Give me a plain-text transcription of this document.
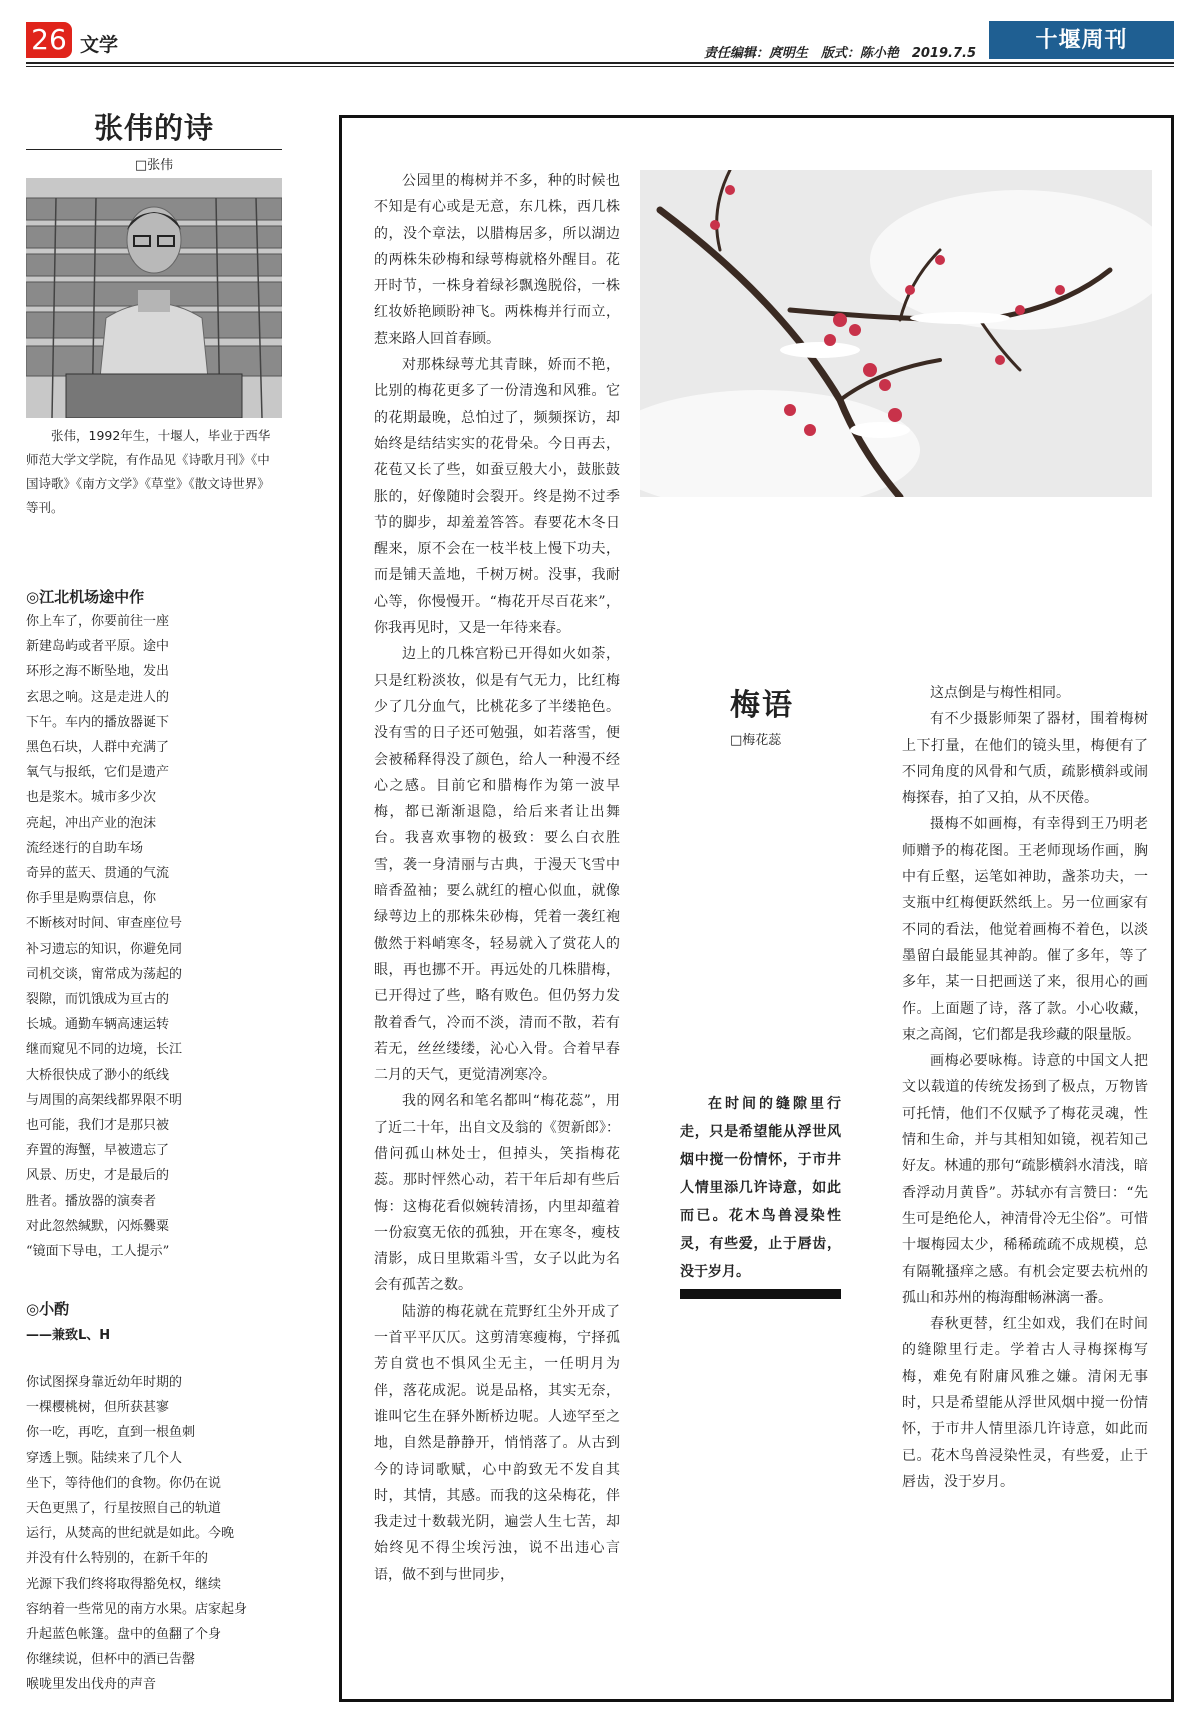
26 文学	责任编辑：庹明生　版式：陈小艳　2019.7.5
十堰周刊
张伟的诗
□张伟
张伟，1992年生，十堰人，毕业于西华师范大学文学院，有作品见《诗歌月刊》《中国诗歌》《南方文学》《草堂》《散文诗世界》等刊。
◎江北机场途中作
你上车了，你要前往一座
新建岛屿或者平原。途中
环形之海不断坠地，发出
玄思之响。这是走进人的
下午。车内的播放器诞下
黑色石块，人群中充满了
氧气与报纸，它们是遗产
也是浆木。城市多少次
亮起，冲出产业的泡沫
流经迷行的自助车场
奇异的蓝天、贯通的气流
你手里是购票信息，你
不断核对时间、审查座位号
补习遗忘的知识，你避免同
司机交谈，甯常成为荡起的
裂隙，而饥饿成为亘古的
长城。通勤车辆高速运转
继而窥见不同的边境，长江
大桥很快成了渺小的纸线
与周围的高架线都界限不明
也可能，我们才是那只被
弃置的海蟹，早被遗忘了
风景、历史，才是最后的
胜者。播放器的演奏者
对此忽然缄默，闪烁爨粟
“镜面下导电，工人提示”
◎小酌
——兼致L、H
你试图探身靠近幼年时期的
一棵樱桃树，但所获甚寥
你一吃，再吃，直到一根鱼刺
穿透上颚。陆续来了几个人
坐下，等待他们的食物。你仍在说
天色更黑了，行星按照自己的轨道
运行，从焚高的世纪就是如此。今晚
并没有什么特别的，在新千年的
光源下我们终将取得豁免权，继续
容纳着一些常见的南方水果。店家起身
升起蓝色帐篷。盘中的鱼翻了个身
你继续说，但杯中的酒已告罄
喉咙里发出伐舟的声音

公园里的梅树并不多，种的时候也不知是有心或是无意，东几株，西几株的，没个章法，以腊梅居多，所以湖边的两株朱砂梅和绿萼梅就格外醒目。花开时节，一株身着绿衫飘逸脱俗，一株红妆娇艳顾盼神飞。两株梅并行而立，惹来路人回首春顾。

对那株绿萼尤其青睐，娇而不艳，比别的梅花更多了一份清逸和风雅。它的花期最晚，总怕过了，频频探访，却始终是结结实实的花骨朵。今日再去，花苞又长了些，如蚕豆般大小，鼓胀鼓胀的，好像随时会裂开。终是拗不过季节的脚步，却羞羞答答。春要花木冬日醒来，原不会在一枝半枝上慢下功夫，而是铺天盖地，千树万树。没事，我耐心等，你慢慢开。“梅花开尽百花来”，你我再见时，又是一年待来春。

边上的几株宫粉已开得如火如荼，只是红粉淡妆，似是有气无力，比红梅少了几分血气，比桃花多了半缕艳色。没有雪的日子还可勉强，如若落雪，便会被稀释得没了颜色，给人一种漫不经心之感。目前它和腊梅作为第一波早梅，都已渐渐退隐，给后来者让出舞台。我喜欢事物的极致：要么白衣胜雪，袭一身清丽与古典，于漫天飞雪中暗香盈袖；要么就红的檀心似血，就像绿萼边上的那株朱砂梅，凭着一袭红袍傲然于料峭寒冬，轻易就入了赏花人的眼，再也挪不开。再远处的几株腊梅，已开得过了些，略有败色。但仍努力发散着香气，冷而不淡，清而不散，若有若无，丝丝缕缕，沁心入骨。合着早春二月的天气，更觉清冽寒冷。

我的网名和笔名都叫“梅花蕊”，用了近二十年，出自文及翁的《贺新郎》：借问孤山林处士，但掉头，笑指梅花蕊。那时怦然心动，若干年后却有些后悔：这梅花看似婉转清扬，内里却蕴着一份寂寞无依的孤独，开在寒冬，瘦枝清影，成日里欺霜斗雪，女子以此为名会有孤苦之数。

陆游的梅花就在荒野红尘外开成了一首平平仄仄。这剪清寒瘦梅，宁择孤芳自赏也不惧风尘无主，一任明月为伴，落花成泥。说是品格，其实无奈，谁叫它生在驿外断桥边呢。人迹罕至之地，自然是静静开，悄悄落了。从古到今的诗词歌赋，心中韵致无不发自其时，其情，其感。而我的这朵梅花，伴我走过十数载光阴，遍尝人生七苦，却始终见不得尘埃污浊，说不出违心言语，做不到与世同步，

梅语
□梅花蕊
在时间的缝隙里行走，只是希望能从浮世风烟中搅一份情怀，于市井人情里添几许诗意，如此而已。花木鸟兽浸染性灵，有些爱，止于唇齿，没于岁月。

这点倒是与梅性相同。

有不少摄影师架了器材，围着梅树上下打量，在他们的镜头里，梅便有了不同角度的风骨和气质，疏影横斜或闹梅探春，拍了又拍，从不厌倦。

摄梅不如画梅，有幸得到王乃明老师赠予的梅花图。王老师现场作画，胸中有丘壑，运笔如神助，盏茶功夫，一支瓶中红梅便跃然纸上。另一位画家有不同的看法，他觉着画梅不着色，以淡墨留白最能显其神韵。催了多年，等了多年，某一日把画送了来，很用心的画作。上面题了诗，落了款。小心收藏，束之高阁，它们都是我珍藏的限量版。

画梅必要咏梅。诗意的中国文人把文以载道的传统发扬到了极点，万物皆可托情，他们不仅赋予了梅花灵魂，性情和生命，并与其相知如镜，视若知己好友。林逋的那句“疏影横斜水清浅，暗香浮动月黄昏”。苏轼亦有言赞曰：“先生可是绝伦人，神清骨冷无尘俗”。可惜十堰梅园太少，稀稀疏疏不成规模，总有隔靴搔痒之感。有机会定要去杭州的孤山和苏州的梅海酣畅淋漓一番。

春秋更替，红尘如戏，我们在时间的缝隙里行走。学着古人寻梅探梅写梅，难免有附庸风雅之嫌。清闲无事时，只是希望能从浮世风烟中搅一份情怀，于市井人情里添几许诗意，如此而已。花木鸟兽浸染性灵，有些爱，止于唇齿，没于岁月。
